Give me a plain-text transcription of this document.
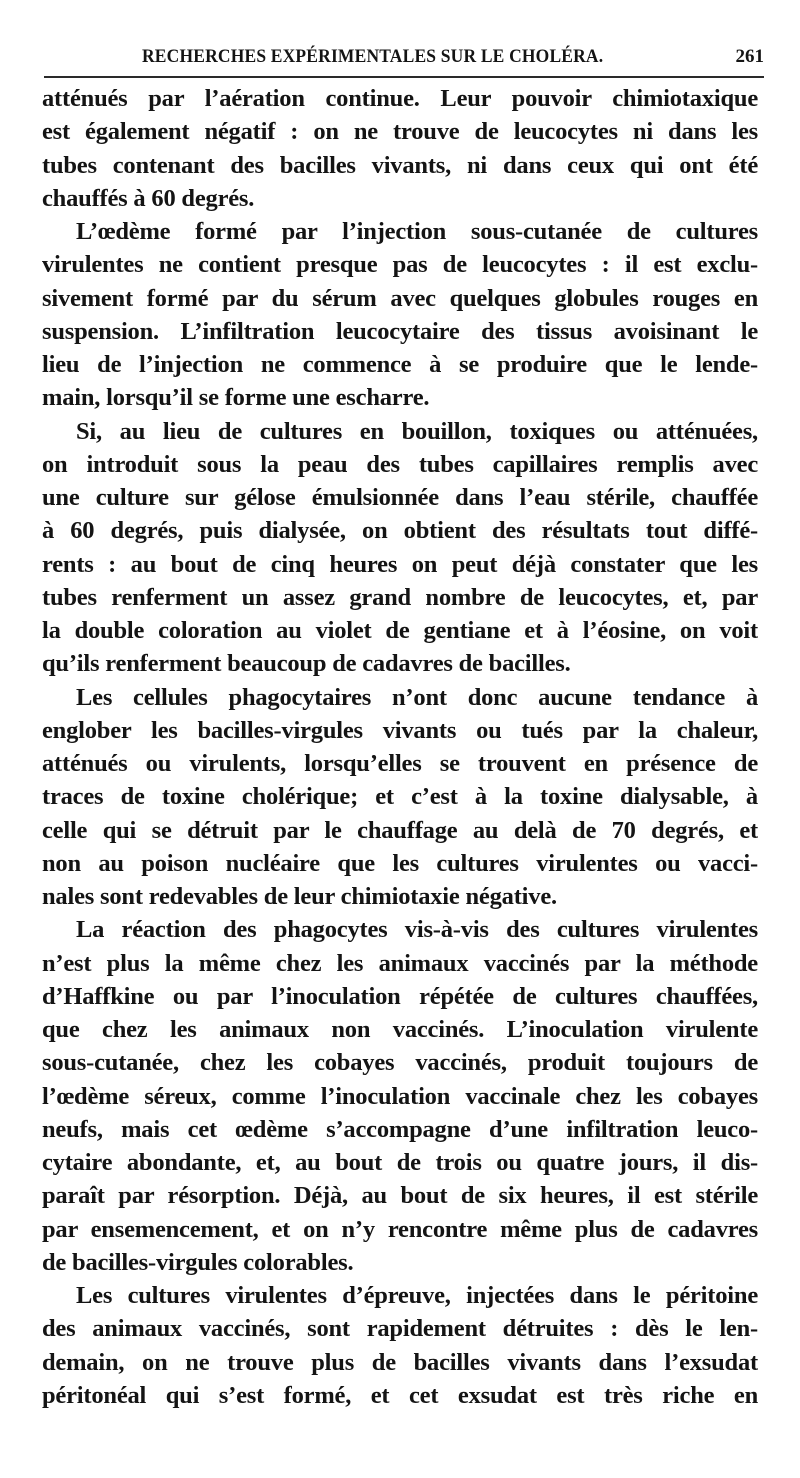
RECHERCHES EXPÉRIMENTALES SUR LE CHOLÉRA.	261
atténués par l’aération continue. Leur pouvoir chimiotaxique
est également négatif : on ne trouve de leucocytes ni dans les
tubes contenant des bacilles vivants, ni dans ceux qui ont été
chauffés à 60 degrés.
L’œdème formé par l’injection sous-cutanée de cultures
virulentes ne contient presque pas de leucocytes : il est exclu-
sivement formé par du sérum avec quelques globules rouges en
suspension. L’infiltration leucocytaire des tissus avoisinant le
lieu de l’injection ne commence à se produire que le lende-
main, lorsqu’il se forme une escharre.
Si, au lieu de cultures en bouillon, toxiques ou atténuées,
on introduit sous la peau des tubes capillaires remplis avec
une culture sur gélose émulsionnée dans l’eau stérile, chauffée
à 60 degrés, puis dialysée, on obtient des résultats tout diffé-
rents : au bout de cinq heures on peut déjà constater que les
tubes renferment un assez grand nombre de leucocytes, et, par
la double coloration au violet de gentiane et à l’éosine, on voit
qu’ils renferment beaucoup de cadavres de bacilles.
Les cellules phagocytaires n’ont donc aucune tendance à
englober les bacilles-virgules vivants ou tués par la chaleur,
atténués ou virulents, lorsqu’elles se trouvent en présence de
traces de toxine cholérique; et c’est à la toxine dialysable, à
celle qui se détruit par le chauffage au delà de 70 degrés, et
non au poison nucléaire que les cultures virulentes ou vacci-
nales sont redevables de leur chimiotaxie négative.
La réaction des phagocytes vis-à-vis des cultures virulentes
n’est plus la même chez les animaux vaccinés par la méthode
d’Haffkine ou par l’inoculation répétée de cultures chauffées,
que chez les animaux non vaccinés. L’inoculation virulente
sous-cutanée, chez les cobayes vaccinés, produit toujours de
l’œdème séreux, comme l’inoculation vaccinale chez les cobayes
neufs, mais cet œdème s’accompagne d’une infiltration leuco-
cytaire abondante, et, au bout de trois ou quatre jours, il dis-
paraît par résorption. Déjà, au bout de six heures, il est stérile
par ensemencement, et on n’y rencontre même plus de cadavres
de bacilles-virgules colorables.
Les cultures virulentes d’épreuve, injectées dans le péritoine
des animaux vaccinés, sont rapidement détruites : dès le len-
demain, on ne trouve plus de bacilles vivants dans l’exsudat
péritonéal qui s’est formé, et cet exsudat est très riche en
